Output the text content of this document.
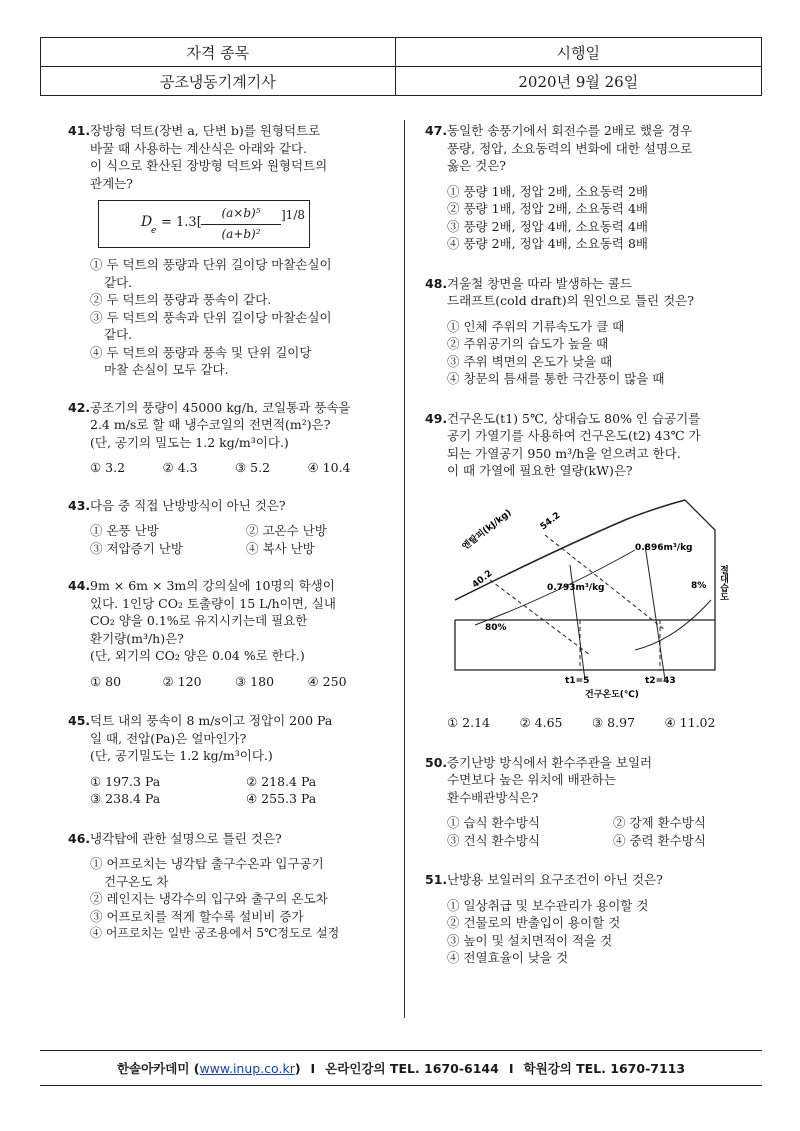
자격 종목	시행일
공조냉동기계기사	2020년 9월 26일
41. 장방형 덕트(장변 a, 단변 b)를 원형덕트로
바꿀 때 사용하는 계산식은 아래와 같다.
이 식으로 환산된 장방형 덕트와 원형덕트의
관계는?
D
e
= 1.3[
(a×b)⁵
(a+b)²
]1/8
① 두 덕트의 풍량과 단위 길이당 마찰손실이
같다.
② 두 덕트의 풍량과 풍속이 같다.
③ 두 덕트의 풍속과 단위 길이당 마찰손실이
같다.
④ 두 덕트의 풍량과 풍속 및 단위 길이당
마찰 손실이 모두 같다.
42. 공조기의 풍량이 45000 kg/h, 코일통과 풍속을
2.4 m/s로 할 때 냉수코일의 전면적(m²)은?
(단, 공기의 밀도는 1.2 kg/m³이다.)
① 3.2	② 4.3	③ 5.2	④ 10.4
43. 다음 중 직접 난방방식이 아닌 것은?
① 온풍 난방	② 고온수 난방
③ 저압증기 난방	④ 복사 난방
44. 9m × 6m × 3m의 강의실에 10명의 학생이
있다. 1인당 CO₂ 토출량이 15 L/h이면, 실내
CO₂ 양을 0.1%로 유지시키는데 필요한
환기량(m³/h)은?
(단, 외기의 CO₂ 양은 0.04 %로 한다.)
① 80	② 120	③ 180	④ 250
45. 덕트 내의 풍속이 8 m/s이고 정압이 200 Pa
일 때, 전압(Pa)은 얼마인가?
(단, 공기밀도는 1.2 kg/m³이다.)
① 197.3 Pa	② 218.4 Pa
③ 238.4 Pa	④ 255.3 Pa
46. 냉각탑에 관한 설명으로 틀린 것은?
① 어프로치는 냉각탑 출구수온과 입구공기
건구온도 차
② 레인지는 냉각수의 입구와 출구의 온도차
③ 어프로치를 적게 할수록 설비비 증가
④ 어프로치는 일반 공조용에서 5℃정도로 설정
47. 동일한 송풍기에서 회전수를 2배로 했을 경우
풍량, 정압, 소요동력의 변화에 대한 설명으로
옳은 것은?
① 풍량 1배, 정압 2배, 소요동력 2배
② 풍량 1배, 정압 2배, 소요동력 4배
③ 풍량 2배, 정압 4배, 소요동력 4배
④ 풍량 2배, 정압 4배, 소요동력 8배
48. 겨울철 창면을 따라 발생하는 콜드
드래프트(cold draft)의 원인으로 틀린 것은?
① 인체 주위의 기류속도가 클 때
② 주위공기의 습도가 높을 때
③ 주위 벽면의 온도가 낮을 때
④ 창문의 틈새를 통한 극간풍이 많을 때
49. 건구온도(t1) 5℃, 상대습도 80% 인 습공기를
공기 가열기를 사용하여 건구온도(t2) 43℃ 가
되는 가열공기 950 m³/h을 얻으려고 한다.
이 때 가열에 필요한 열량(kW)은?
엔탈피(kJ/kg)
40.2
54.2
0.793m³/kg
0.896m³/kg
80%
8% 절대습도
t1=5	t2=43
건구온도(℃)
① 2.14	② 4.65	③ 8.97	④ 11.02
50. 증기난방 방식에서 환수주관을 보일러
수면보다 높은 위치에 배관하는
환수배관방식은?
① 습식 환수방식	② 강제 환수방식
③ 건식 환수방식	④ 중력 환수방식
51. 난방용 보일러의 요구조건이 아닌 것은?
① 일상취급 및 보수관리가 용이할 것
② 건물로의 반출입이 용이할 것
③ 높이 및 설치면적이 적을 것
④ 전열효율이 낮을 것
한솔아카데미 (www.inup.co.kr) I 온라인강의 TEL. 1670-6144 I 학원강의 TEL. 1670-7113
